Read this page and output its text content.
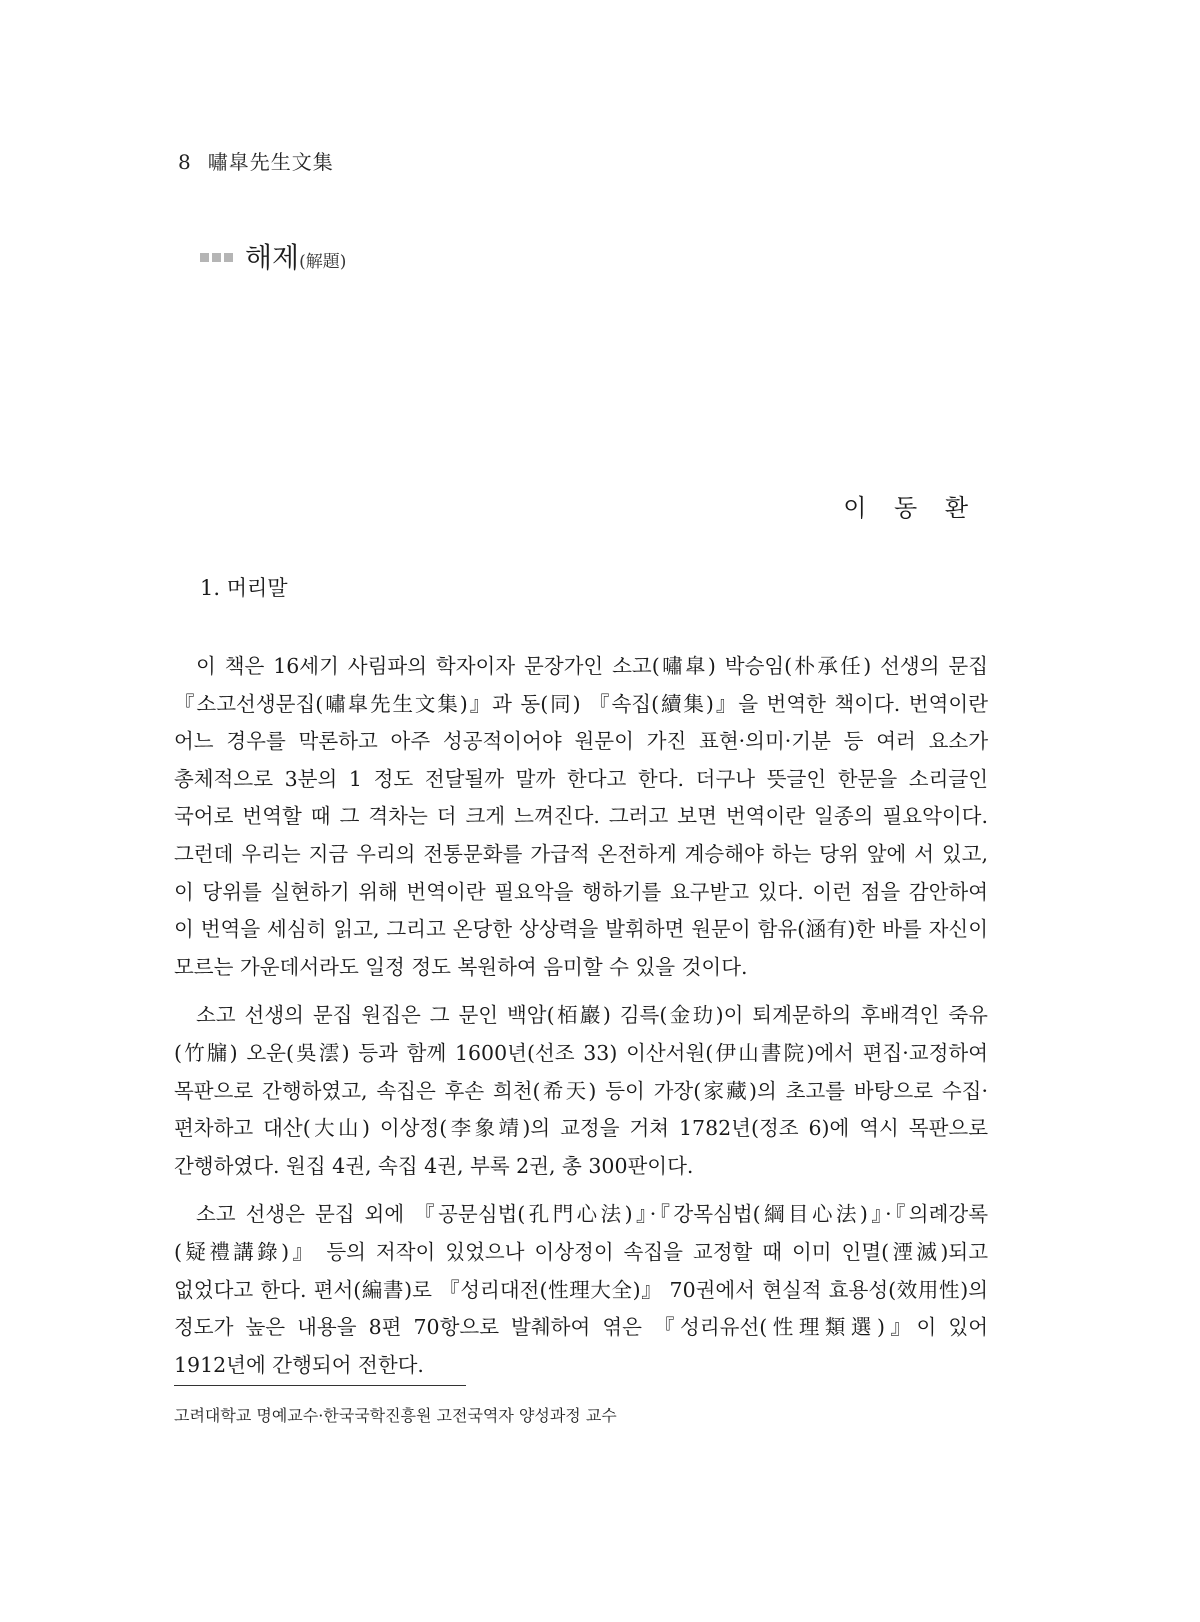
8 嘯皐先生文集
해제 (解題)
이 동 환
1. 머리말

이 책은 16세기 사림파의 학자이자 문장가인 소고(嘯皐) 박승임(朴承任) 선생의 문집 『소고선생문집(嘯皐先生文集)』과 동(同) 『속집(續集)』을 번역한 책이다. 번역이란 어느 경우를 막론하고 아주 성공적이어야 원문이 가진 표현·의미·기분 등 여러 요소가 총체적으로 3분의 1 정도 전달될까 말까 한다고 한다. 더구나 뜻글인 한문을 소리글인 국어로 번역할 때 그 격차는 더 크게 느껴진다. 그러고 보면 번역이란 일종의 필요악이다. 그런데 우리는 지금 우리의 전통문화를 가급적 온전하게 계승해야 하는 당위 앞에 서 있고, 이 당위를 실현하기 위해 번역이란 필요악을 행하기를 요구받고 있다. 이런 점을 감안하여 이 번역을 세심히 읽고, 그리고 온당한 상상력을 발휘하면 원문이 함유(涵有)한 바를 자신이 모르는 가운데서라도 일정 정도 복원하여 음미할 수 있을 것이다.

소고 선생의 문집 원집은 그 문인 백암(栢巖) 김륵(金玏)이 퇴계문하의 후배격인 죽유(竹牖) 오운(吳澐) 등과 함께 1600년(선조 33) 이산서원(伊山書院)에서 편집·교정하여 목판으로 간행하였고, 속집은 후손 희천(希天) 등이 가장(家藏)의 초고를 바탕으로 수집·편차하고 대산(大山) 이상정(李象靖)의 교정을 거쳐 1782년(정조 6)에 역시 목판으로 간행하였다. 원집 4권, 속집 4권, 부록 2권, 총 300판이다.

소고 선생은 문집 외에 『공문심법(孔門心法)』·『강목심법(綱目心法)』·『의례강록(疑禮講錄)』 등의 저작이 있었으나 이상정이 속집을 교정할 때 이미 인멸(湮滅)되고 없었다고 한다. 편서(編書)로 『성리대전(性理大全)』 70권에서 현실적 효용성(效用性)의 정도가 높은 내용을 8편 70항으로 발췌하여 엮은 『성리유선(性理類選)』이 있어 1912년에 간행되어 전한다.

고려대학교 명예교수·한국국학진흥원 고전국역자 양성과정 교수
